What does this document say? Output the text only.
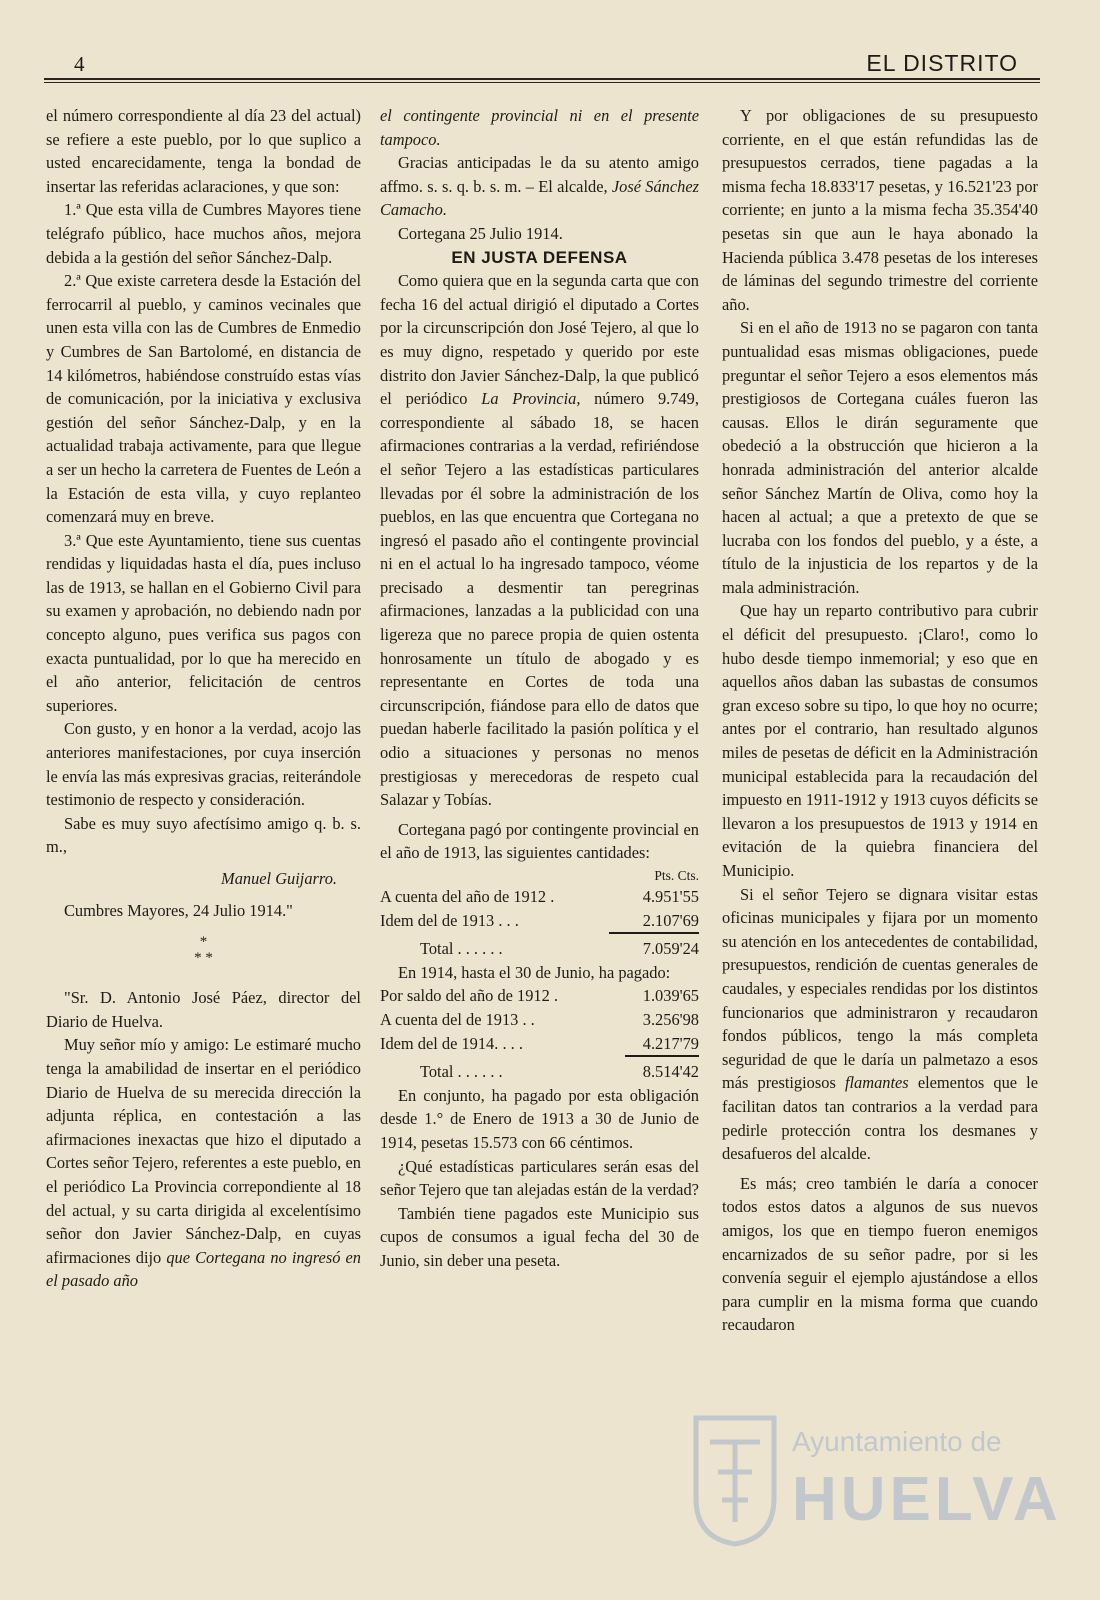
4	EL DISTRITO

el número correspondiente al día 23 del actual) se refiere a este pueblo, por lo que suplico a usted encarecidamente, tenga la bondad de insertar las referidas aclaraciones, y que son:

1.ª Que esta villa de Cumbres Mayores tiene telégrafo público, hace muchos años, mejora debida a la gestión del señor Sánchez-Dalp.

2.ª Que existe carretera desde la Estación del ferrocarril al pueblo, y caminos vecinales que unen esta villa con las de Cumbres de Enmedio y Cumbres de San Bartolomé, en distancia de 14 kilómetros, habiéndose construído estas vías de comunicación, por la iniciativa y exclusiva gestión del señor Sánchez-Dalp, y en la actualidad trabaja activamente, para que llegue a ser un hecho la carretera de Fuentes de León a la Estación de esta villa, y cuyo replanteo comenzará muy en breve.

3.ª Que este Ayuntamiento, tiene sus cuentas rendidas y liquidadas hasta el día, pues incluso las de 1913, se hallan en el Gobierno Civil para su examen y aprobación, no debiendo nadn por concepto alguno, pues verifica sus pagos con exacta puntualidad, por lo que ha merecido en el año anterior, felicitación de centros superiores.

Con gusto, y en honor a la verdad, acojo las anteriores manifestaciones, por cuya inserción le envía las más expresivas gracias, reiterándole testimonio de respecto y consideración.

Sabe es muy suyo afectísimo amigo q. b. s. m.,

Manuel Guijarro.

Cumbres Mayores, 24 Julio 1914."

*
* *

"Sr. D. Antonio José Páez, director del Diario de Huelva.

Muy señor mío y amigo: Le estimaré mucho tenga la amabilidad de insertar en el periódico Diario de Huelva de su merecida dirección la adjunta réplica, en contestación a las afirmaciones inexactas que hizo el diputado a Cortes señor Tejero, referentes a este pueblo, en el periódico La Provincia correpondiente al 18 del actual, y su carta dirigida al excelentísimo señor don Javier Sánchez-Dalp, en cuyas afirmaciones dijo que Cortegana no ingresó en el pasado año

el contingente provincial ni en el presente tampoco.

Gracias anticipadas le da su atento amigo affmo. s. s. q. b. s. m. – El alcalde, José Sánchez Camacho.

Cortegana 25 Julio 1914.

EN JUSTA DEFENSA

Como quiera que en la segunda carta que con fecha 16 del actual dirigió el diputado a Cortes por la circunscripción don José Tejero, al que lo es muy digno, respetado y querido por este distrito don Javier Sánchez-Dalp, la que publicó el periódico La Provincia, número 9.749, correspondiente al sábado 18, se hacen afirmaciones contrarias a la verdad, refiriéndose el señor Tejero a las estadísticas particulares llevadas por él sobre la administración de los pueblos, en las que encuentra que Cortegana no ingresó el pasado año el contingente provincial ni en el actual lo ha ingresado tampoco, véome precisado a desmentir tan peregrinas afirmaciones, lanzadas a la publicidad con una ligereza que no parece propia de quien ostenta honrosamente un título de abogado y es representante en Cortes de toda una circunscripción, fiándose para ello de datos que puedan haberle facilitado la pasión política y el odio a situaciones y personas no menos prestigiosas y merecedoras de respeto cual Salazar y Tobías.

Cortegana pagó por contingente provincial en el año de 1913, las siguientes cantidades:

	Pts. Cts.
A cuenta del año de 1912 .	4.951'55
Idem del de 1913 . . .	2.107'69
Total . . . . . .	7.059'24

En 1914, hasta el 30 de Junio, ha pagado:

Por saldo del año de 1912 .	1.039'65
A cuenta del de 1913 . .	3.256'98
Idem del de 1914. . . .	4.217'79
Total . . . . . .	8.514'42

En conjunto, ha pagado por esta obligación desde 1.° de Enero de 1913 a 30 de Junio de 1914, pesetas 15.573 con 66 céntimos.

¿Qué estadísticas particulares serán esas del señor Tejero que tan alejadas están de la verdad?

También tiene pagados este Municipio sus cupos de consumos a igual fecha del 30 de Junio, sin deber una peseta.

Y por obligaciones de su presupuesto corriente, en el que están refundidas las de presupuestos cerrados, tiene pagadas a la misma fecha 18.833'17 pesetas, y 16.521'23 por corriente; en junto a la misma fecha 35.354'40 pesetas sin que aun le haya abonado la Hacienda pública 3.478 pesetas de los intereses de láminas del segundo trimestre del corriente año.

Si en el año de 1913 no se pagaron con tanta puntualidad esas mismas obligaciones, puede preguntar el señor Tejero a esos elementos más prestigiosos de Cortegana cuáles fueron las causas. Ellos le dirán seguramente que obedeció a la obstrucción que hicieron a la honrada administración del anterior alcalde señor Sánchez Martín de Oliva, como hoy la hacen al actual; a que a pretexto de que se lucraba con los fondos del pueblo, y a éste, a título de la injusticia de los repartos y de la mala administración.

Que hay un reparto contributivo para cubrir el déficit del presupuesto. ¡Claro!, como lo hubo desde tiempo inmemorial; y eso que en aquellos años daban las subastas de consumos gran exceso sobre su tipo, lo que hoy no ocurre; antes por el contrario, han resultado algunos miles de pesetas de déficit en la Administración municipal establecida para la recaudación del impuesto en 1911-1912 y 1913 cuyos déficits se llevaron a los presupuestos de 1913 y 1914 en evitación de la quiebra financiera del Municipio.

Si el señor Tejero se dignara visitar estas oficinas municipales y fijara por un momento su atención en los antecedentes de contabilidad, presupuestos, rendición de cuentas generales de caudales, y especiales rendidas por los distintos funcionarios que administraron y recaudaron fondos públicos, tengo la más completa seguridad de que le daría un palmetazo a esos más prestigiosos flamantes elementos que le facilitan datos tan contrarios a la verdad para pedirle protección contra los desmanes y desafueros del alcalde.

Es más; creo también le daría a conocer todos estos datos a algunos de sus nuevos amigos, los que en tiempo fueron enemigos encarnizados de su señor padre, por si les convenía seguir el ejemplo ajustándose a ellos para cumplir en la misma forma que cuando recaudaron

Ayuntamiento de
HUELVA
